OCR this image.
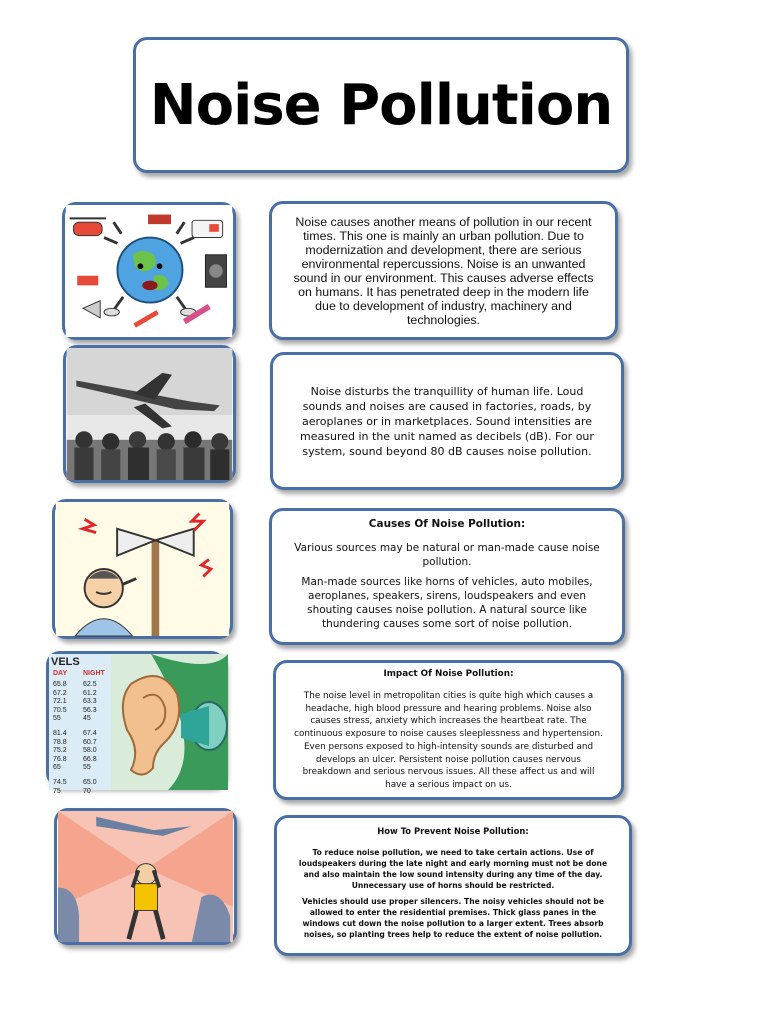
Noise Pollution

Noise causes another means of pollution in our recent times. This one is mainly an urban pollution. Due to modernization and development, there are serious environmental repercussions. Noise is an unwanted sound in our environment. This causes adverse effects on humans. It has penetrated deep in the modern life due to development of industry, machinery and technologies.

Noise disturbs the tranquillity of human life. Loud sounds and noises are caused in factories, roads, by aeroplanes or in marketplaces. Sound intensities are measured in the unit named as decibels (dB). For our system, sound beyond 80 dB causes noise pollution.

Causes Of Noise Pollution:

Various sources may be natural or man-made cause noise pollution.

Man-made sources like horns of vehicles, auto mobiles, aeroplanes, speakers, sirens, loudspeakers and even shouting causes noise pollution. A natural source like thundering causes some sort of noise pollution.

VELS
DAY	NIGHT
65.8
67.2
72.1
70.5
55
81.4
78.8
75.2
76.8
65
74.5
75
62.5
61.2
63.3
56.3
45
67.4
60.7
58.0
66.8
55
65.0
70
Impact Of Noise Pollution:

The noise level in metropolitan cities is quite high which causes a headache, high blood pressure and hearing problems. Noise also causes stress, anxiety which increases the heartbeat rate. The continuous exposure to noise causes sleeplessness and hypertension. Even persons exposed to high-intensity sounds are disturbed and develops an ulcer. Persistent noise pollution causes nervous breakdown and serious nervous issues. All these affect us and will have a serious impact on us.

How To Prevent Noise Pollution:

To reduce noise pollution, we need to take certain actions. Use of loudspeakers during the late night and early morning must not be done and also maintain the low sound intensity during any time of the day. Unnecessary use of horns should be restricted.

Vehicles should use proper silencers. The noisy vehicles should not be allowed to enter the residential premises. Thick glass panes in the windows cut down the noise pollution to a larger extent. Trees absorb noises, so planting trees help to reduce the extent of noise pollution.
